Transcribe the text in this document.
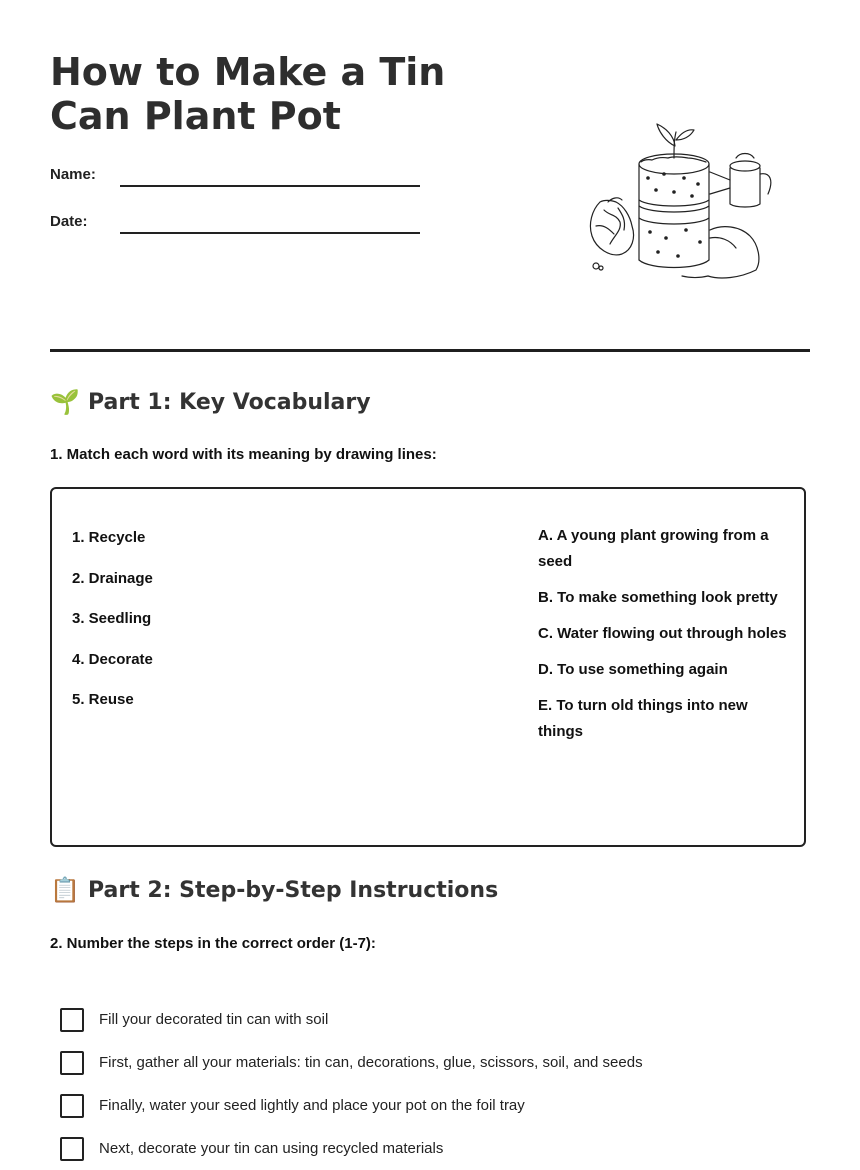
How to Make a Tin Can Plant Pot
Name:
Date:
🌱 Part 1: Key Vocabulary

1. Match each word with its meaning by drawing lines:

1. Recycle
2. Drainage
3. Seedling
4. Decorate
5. Reuse
A. A young plant growing from a seed
B. To make something look pretty
C. Water flowing out through holes
D. To use something again
E. To turn old things into new things
📋 Part 2: Step-by-Step Instructions

2. Number the steps in the correct order (1-7):

Fill your decorated tin can with soil
First, gather all your materials: tin can, decorations, glue, scissors, soil, and seeds
Finally, water your seed lightly and place your pot on the foil tray
Next, decorate your tin can using recycled materials
